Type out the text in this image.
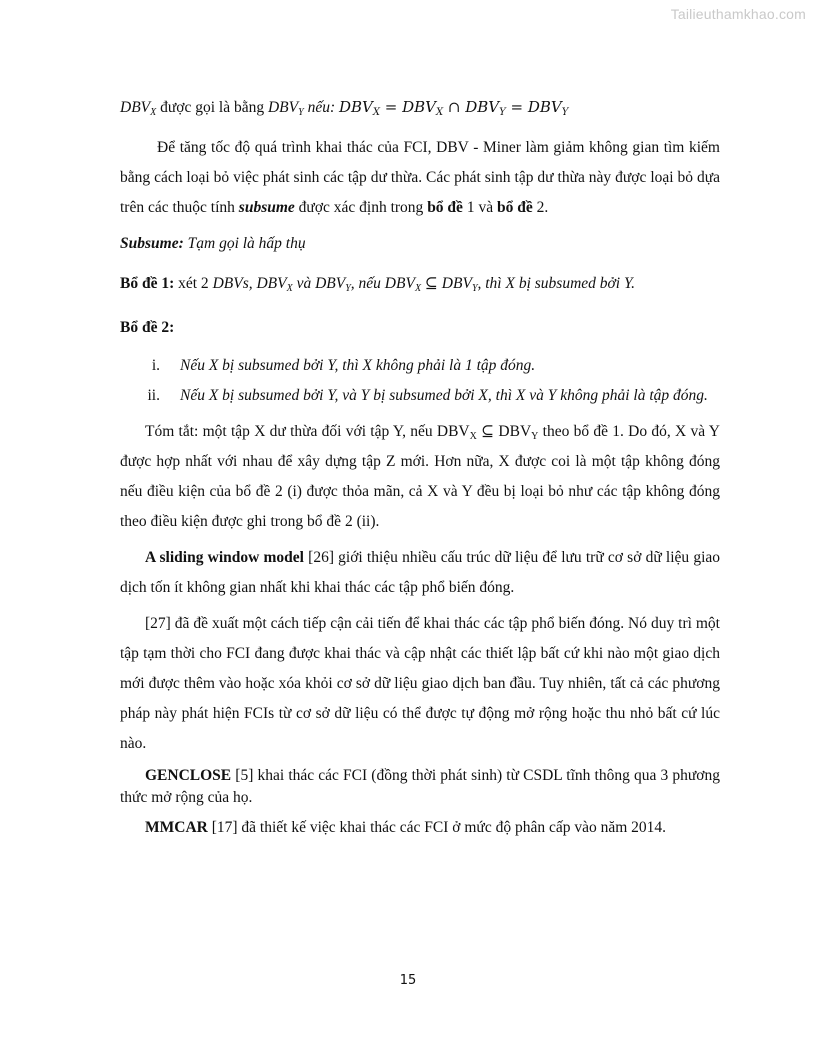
Tailieuthamkhao.com

$DBV_X$ được gọi là bằng $DBV_Y$ nếu: $DBV_X = DBV_X$ ∩ $DBV_Y = DBV_Y$

Để tăng tốc độ quá trình khai thác của FCI, DBV - Miner làm giảm không gian tìm kiếm bằng cách loại bỏ việc phát sinh các tập dư thừa. Các phát sinh tập dư thừa này được loại bỏ dựa trên các thuộc tính subsume được xác định trong bổ đề 1 và bổ đề 2.

Subsume: Tạm gọi là hấp thụ

Bổ đề 1: xét 2 DBVs, $DBV_X$ và $DBV_Y$, nếu $DBV_X$ ⊆ $DBV_Y$, thì X bị subsumed bởi Y.

Bổ đề 2:

i. Nếu X bị subsumed bởi Y, thì X không phải là 1 tập đóng.
ii. Nếu X bị subsumed bởi Y, và Y bị subsumed bởi X, thì X và Y không phải là tập đóng.

Tóm tắt: một tập X dư thừa đối với tập Y, nếu $DBV_X$ ⊆ $DBV_Y$ theo bổ đề 1. Do đó, X và Y được hợp nhất với nhau để xây dựng tập Z mới. Hơn nữa, X được coi là một tập không đóng nếu điều kiện của bổ đề 2 (i) được thỏa mãn, cả X và Y đều bị loại bỏ như các tập không đóng theo điều kiện được ghi trong bổ đề 2 (ii).

A sliding window model [26] giới thiệu nhiều cấu trúc dữ liệu để lưu trữ cơ sở dữ liệu giao dịch tốn ít không gian nhất khi khai thác các tập phổ biến đóng.

[27] đã đề xuất một cách tiếp cận cải tiến để khai thác các tập phổ biến đóng. Nó duy trì một tập tạm thời cho FCI đang được khai thác và cập nhật các thiết lập bất cứ khi nào một giao dịch mới được thêm vào hoặc xóa khỏi cơ sở dữ liệu giao dịch ban đầu. Tuy nhiên, tất cả các phương pháp này phát hiện FCIs từ cơ sở dữ liệu có thể được tự động mở rộng hoặc thu nhỏ bất cứ lúc nào.

GENCLOSE [5] khai thác các FCI (đồng thời phát sinh) từ CSDL tĩnh thông qua 3 phương thức mở rộng của họ.

MMCAR [17] đã thiết kế việc khai thác các FCI ở mức độ phân cấp vào năm 2014.

15
